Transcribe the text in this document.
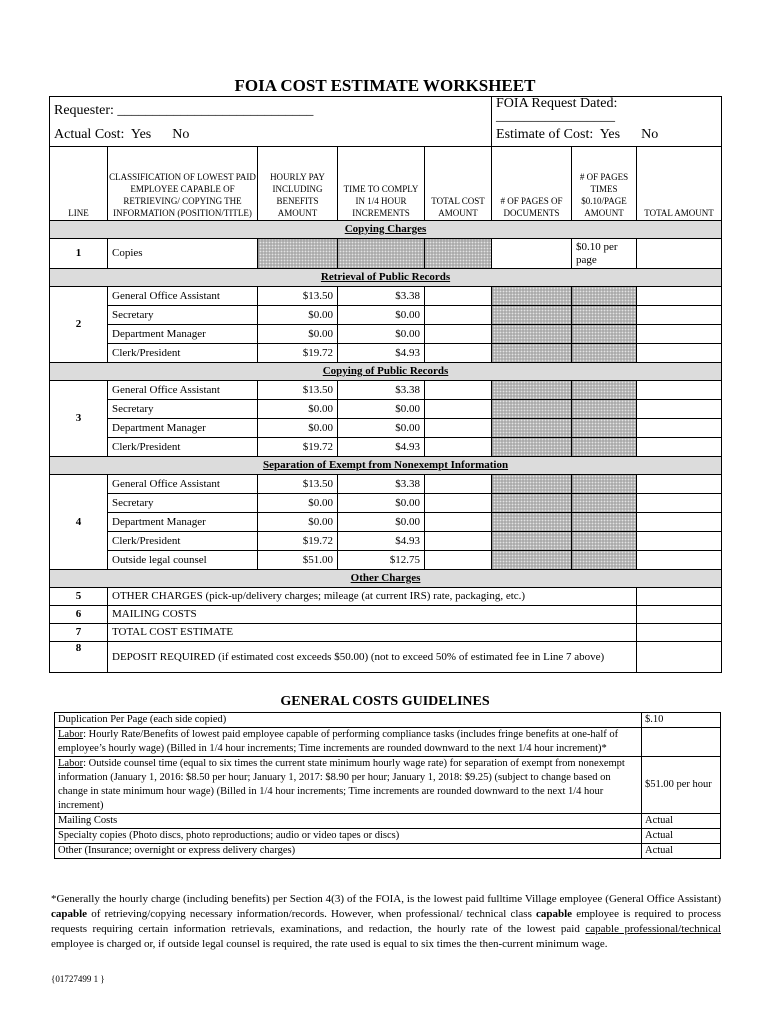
FOIA COST ESTIMATE WORKSHEET
Requester: ____________________________					FOIA Request Dated: _________________		
Actual Cost: Yes No					Estimate of Cost: Yes No		
LINE	CLASSIFICATION OF LOWEST PAID EMPLOYEE CAPABLE OF RETRIEVING/ COPYING THE INFORMATION (POSITION/TITLE)	HOURLY PAY INCLUDING BENEFITS AMOUNT	TIME TO COMPLY IN 1/4 HOUR INCREMENTS	TOTAL COST AMOUNT	# OF PAGES OF DOCUMENTS	# OF PAGES TIMES $0.10/PAGE AMOUNT	TOTAL AMOUNT
Copying Charges							
1	Copies					$0.10 per page	
Retrieval of Public Records							
2	General Office Assistant	$13.50	$3.38				
	Secretary	$0.00	$0.00				
	Department Manager	$0.00	$0.00				
	Clerk/President	$19.72	$4.93				
Copying of Public Records							
3	General Office Assistant	$13.50	$3.38				
	Secretary	$0.00	$0.00				
	Department Manager	$0.00	$0.00				
	Clerk/President	$19.72	$4.93				
Separation of Exempt from Nonexempt Information							
4	General Office Assistant	$13.50	$3.38				
	Secretary	$0.00	$0.00				
	Department Manager	$0.00	$0.00				
	Clerk/President	$19.72	$4.93				
	Outside legal counsel	$51.00	$12.75				
Other Charges							
5	OTHER CHARGES (pick-up/delivery charges; mileage (at current IRS) rate, packaging, etc.)						
6	MAILING COSTS						
7	TOTAL COST ESTIMATE						
8	DEPOSIT REQUIRED (if estimated cost exceeds $50.00) (not to exceed 50% of estimated fee in Line 7 above)						
GENERAL COSTS GUIDELINES
Duplication Per Page (each side copied)	$.10
Labor: Hourly Rate/Benefits of lowest paid employee capable of performing compliance tasks (includes fringe benefits at one-half of employee’s hourly wage) (Billed in 1/4 hour increments; Time increments are rounded downward to the next 1/4 hour increment)*	
Labor: Outside counsel time (equal to six times the current state minimum hourly wage rate) for separation of exempt from nonexempt information (January 1, 2016: $8.50 per hour; January 1, 2017: $8.90 per hour; January 1, 2018: $9.25) (subject to change based on change in state minimum hour wage) (Billed in 1/4 hour increments; Time increments are rounded downward to the next 1/4 hour increment)	$51.00 per hour
Mailing Costs	Actual
Specialty copies (Photo discs, photo reproductions; audio or video tapes or discs)	Actual
Other (Insurance; overnight or express delivery charges)	Actual
*Generally the hourly charge (including benefits) per Section 4(3) of the FOIA, is the lowest paid fulltime Village employee (General Office Assistant) capable of retrieving/copying necessary information/records. However, when professional/ technical class capable employee is required to process requests requiring certain information retrievals, examinations, and redaction, the hourly rate of the lowest paid capable professional/technical employee is charged or, if outside legal counsel is required, the rate used is equal to six times the then-current minimum wage.
{01727499 1 }
